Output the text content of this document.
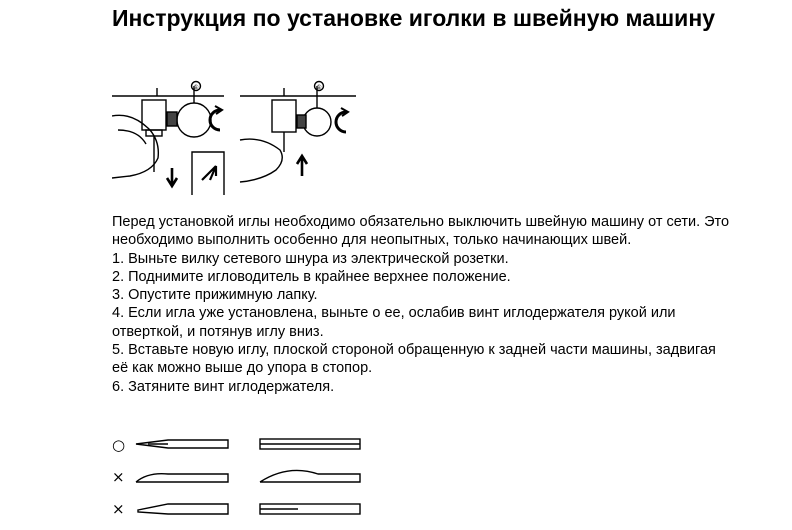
Инструкция по установке иголки в швейную машину
①	①

Перед установкой иглы необходимо обязательно выключить швейную машину от сети. Это необходимо выполнить особенно для неопытных, только начинающих швей.

1. Выньте вилку сетевого шнура из электрической розетки.

2. Поднимите игловодитель в крайнее верхнее положение.

3. Опустите прижимную лапку.

4. Если игла уже установлена, выньте о ее, ослабив винт иглодержателя рукой или отверткой, и потянув иглу вниз.

5. Вставьте новую иглу, плоской стороной обращенную к задней части машины, задвигая её как можно выше до упора в стопор.

6. Затяните винт иглодержателя.

○
×
×
